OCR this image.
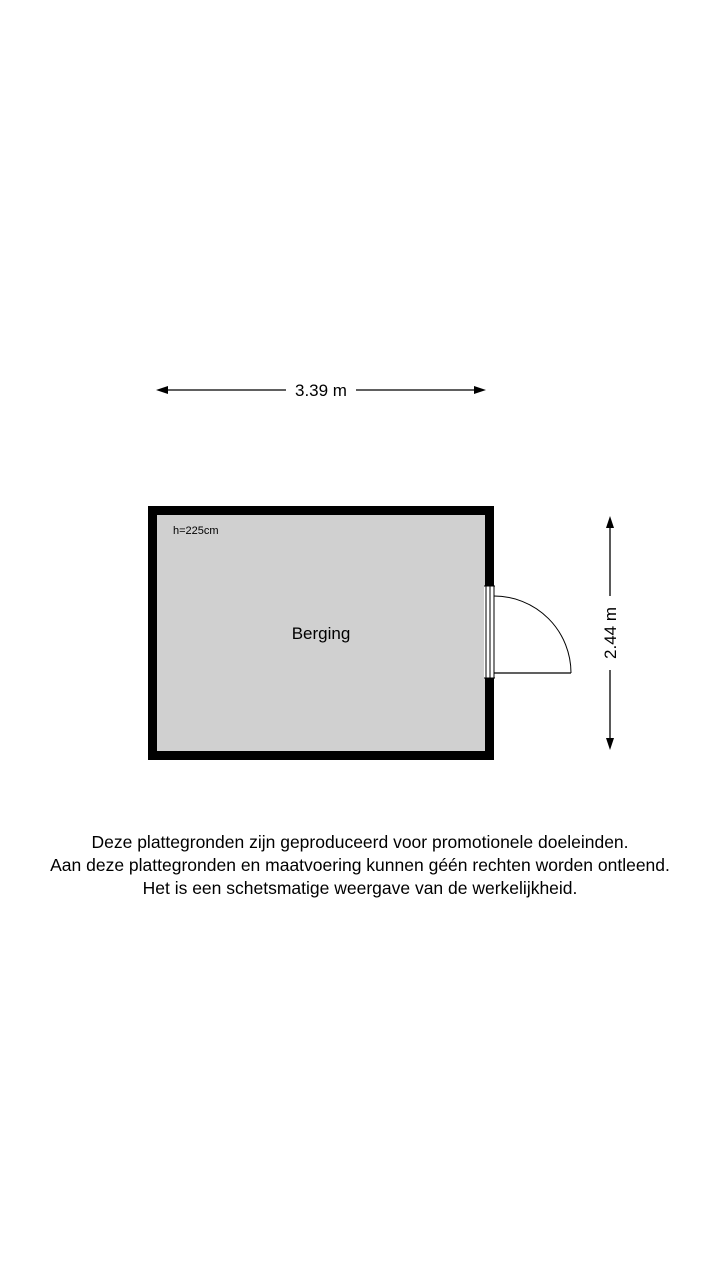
3.39 m
h=225cm
Berging	2.44 m
Deze plattegronden zijn geproduceerd voor promotionele doeleinden.
Aan deze plattegronden en maatvoering kunnen géén rechten worden ontleend.
Het is een schetsmatige weergave van de werkelijkheid.
